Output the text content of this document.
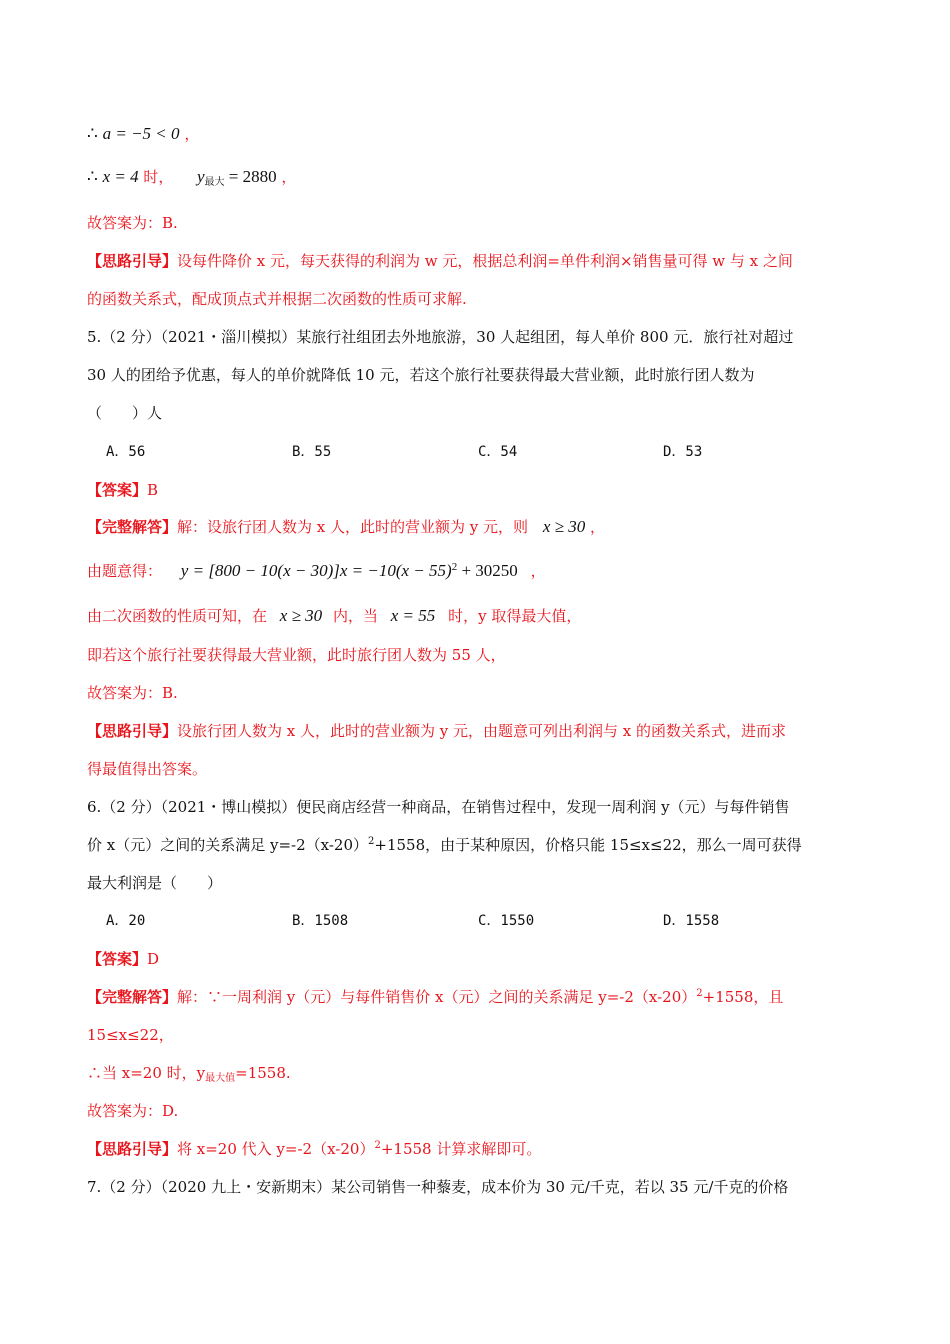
∴ a = −5 < 0 ，
∴ x = 4 时， $y_{最大} = 2880$ ，
故答案为：B.
【思路引导】设每件降价 x 元，每天获得的利润为 w 元，根据总利润=单件利润×销售量可得 w 与 x 之间
的函数关系式，配成顶点式并根据二次函数的性质可求解.
5.（2 分）（2021・淄川模拟）某旅行社组团去外地旅游，30 人起组团，每人单价 800 元．旅行社对超过
30 人的团给予优惠，每人的单价就降低 10 元，若这个旅行社要获得最大营业额，此时旅行团人数为
（　　）人
A．56	B．55	C．54	D．53
【答案】B
【完整解答】解：设旅行团人数为 x 人，此时的营业额为 y 元，则 x ≥ 30 ，
由题意得： $y = [800 - 10(x - 30)]x = -10(x - 55)^2 + 30250$ ，
由二次函数的性质可知，在 x ≥ 30 内，当 x = 55 时，y 取得最大值，
即若这个旅行社要获得最大营业额，此时旅行团人数为 55 人，
故答案为：B.
【思路引导】设旅行团人数为 x 人，此时的营业额为 y 元，由题意可列出利润与 x 的函数关系式，进而求
得最值得出答案。
6.（2 分）（2021・博山模拟）便民商店经营一种商品，在销售过程中，发现一周利润 y（元）与每件销售
价 x（元）之间的关系满足 $y=-2(x-20)^2+1558$，由于某种原因，价格只能 15≤x≤22，那么一周可获得
最大利润是（　　）
A．20	B．1508	C．1550	D．1558
【答案】D
【完整解答】解：∵一周利润 y（元）与每件销售价 x（元）之间的关系满足 $y=-2(x-20)^2+1558$，且
15≤x≤22，
∴当 x=20 时，$y_{最大值}=1558$.
故答案为：D.
【思路引导】将 x=20 代入 $y=-2(x-20)^2+1558$ 计算求解即可。
7.（2 分）（2020 九上・安新期末）某公司销售一种藜麦，成本价为 30 元/千克，若以 35 元/千克的价格
